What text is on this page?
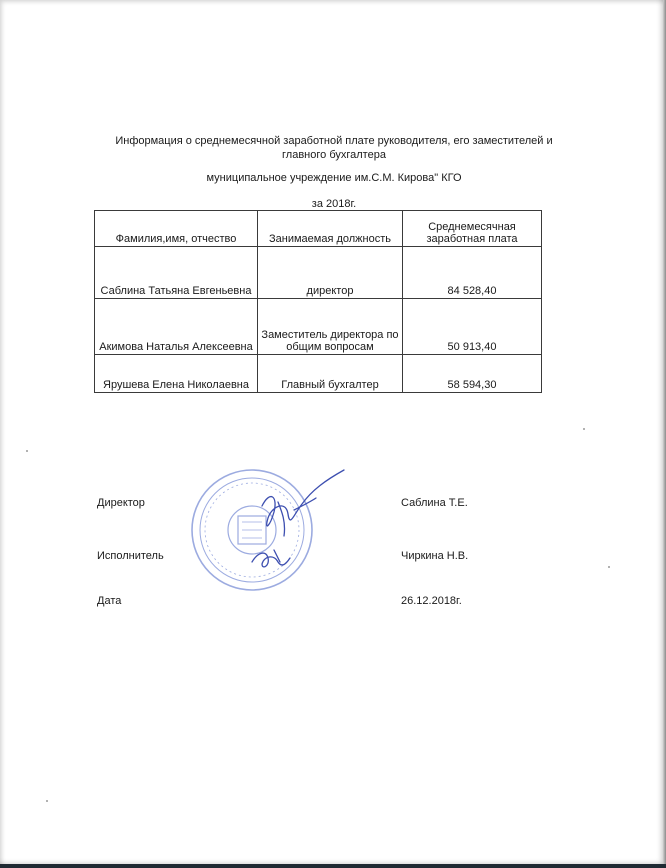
Информация о среднемесячной заработной плате руководителя, его заместителей и главного бухгалтера
муниципальное учреждение им.С.М. Кирова" КГО
за 2018г.
Фамилия,имя, отчество	Занимаемая должность	Среднемесячная заработная плата
Саблина Татьяна Евгеньевна	директор	84 528,40
Акимова Наталья Алексеевна	Заместитель директора по общим вопросам	50 913,40
Ярушева Елена Николаевна	Главный бухгалтер	58 594,30
Директор	Саблина Т.Е.
Исполнитель	Чиркина Н.В.
Дата	26.12.2018г.
